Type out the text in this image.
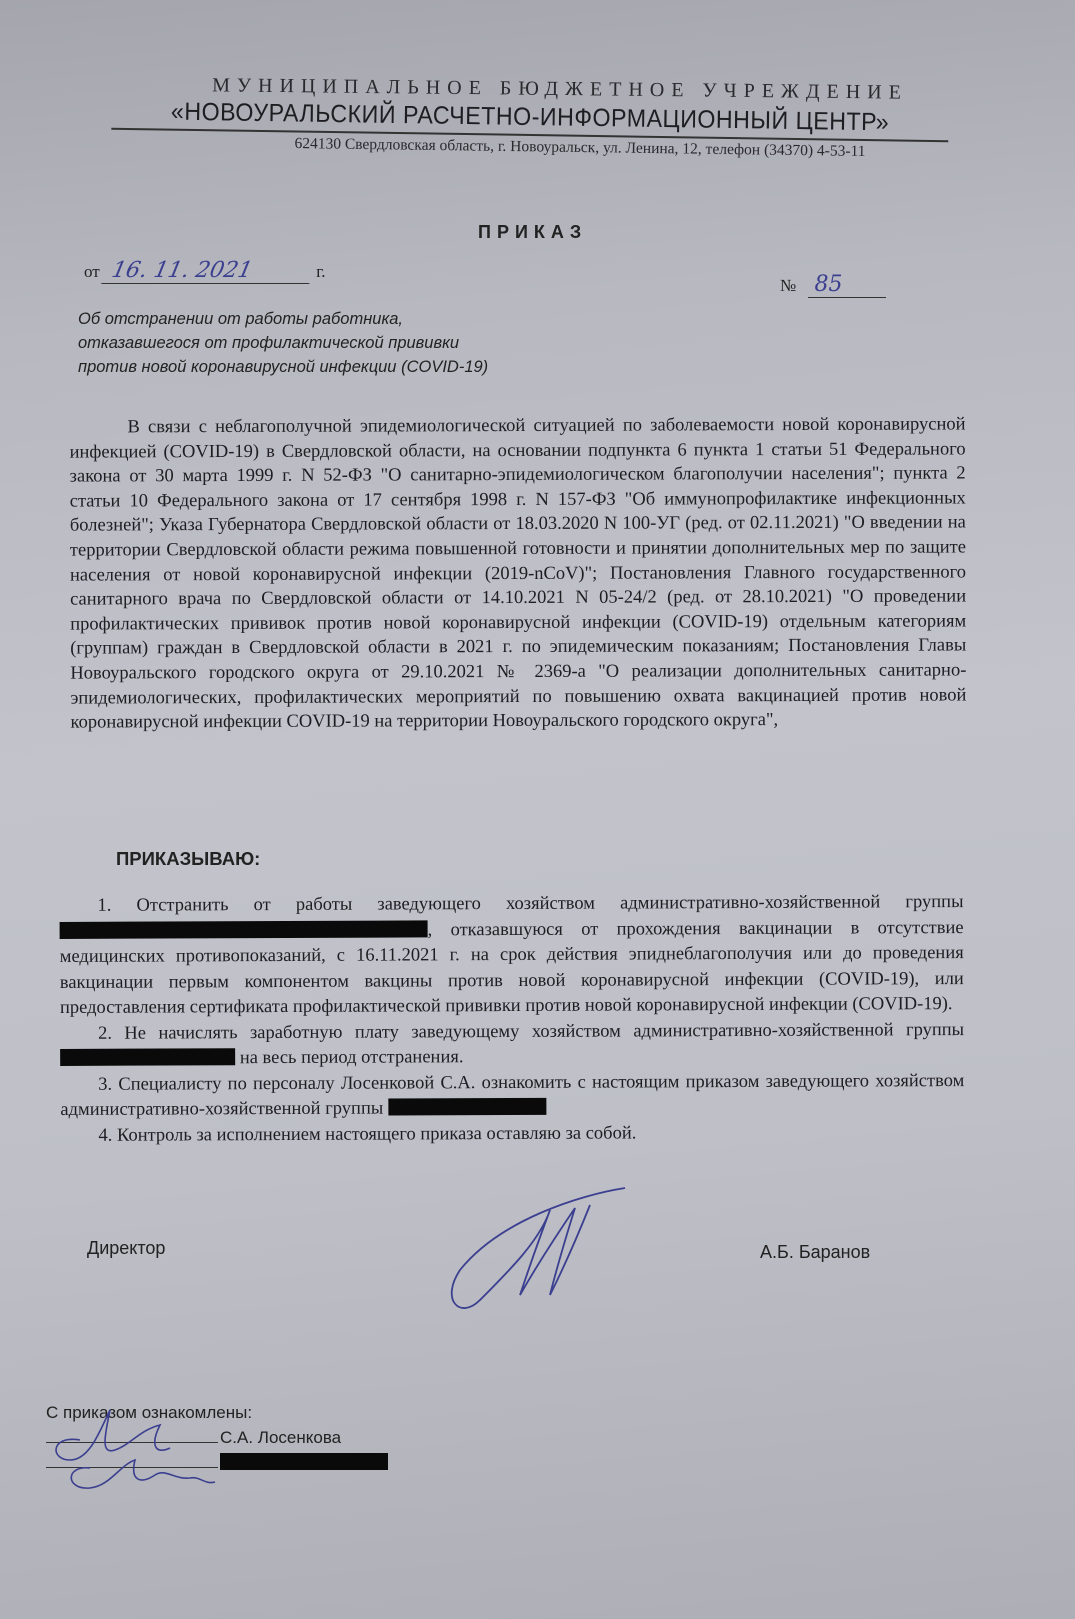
МУНИЦИПАЛЬНОЕ БЮДЖЕТНОЕ УЧРЕЖДЕНИЕ
«НОВОУРАЛЬСКИЙ РАСЧЕТНО-ИНФОРМАЦИОННЫЙ ЦЕНТР»
624130 Свердловская область, г. Новоуральск, ул. Ленина, 12, телефон (34370) 4-53-11
ПРИКАЗ
от 16. 11. 2021	г.
№ 85
Об отстранении от работы работника,
отказавшегося от профилактической прививки
против новой коронавирусной инфекции (COVID-19)
В связи с неблагополучной эпидемиологической ситуацией по заболеваемости новой коронавирусной инфекцией (COVID-19) в Свердловской области, на основании подпункта 6 пункта 1 статьи 51 Федерального закона от 30 марта 1999 г. N 52-ФЗ "О санитарно-эпидемиологическом благополучии населения"; пункта 2 статьи 10 Федерального закона от 17 сентября 1998 г. N 157-ФЗ "Об иммунопрофилактике инфекционных болезней"; Указа Губернатора Свердловской области от 18.03.2020 N 100-УГ (ред. от 02.11.2021) "О введении на территории Свердловской области режима повышенной готовности и принятии дополнительных мер по защите населения от новой коронавирусной инфекции (2019-nCoV)"; Постановления Главного государственного санитарного врача по Свердловской области от 14.10.2021 N 05-24/2 (ред. от 28.10.2021) "О проведении профилактических прививок против новой коронавирусной инфекции (COVID-19) отдельным категориям (группам) граждан в Свердловской области в 2021 г. по эпидемическим показаниям; Постановления Главы Новоуральского городского округа от 29.10.2021 № 2369-а "О реализации дополнительных санитарно-эпидемиологических, профилактических мероприятий по повышению охвата вакцинацией против новой коронавирусной инфекции COVID-19 на территории Новоуральского городского округа",
ПРИКАЗЫВАЮ:
1. Отстранить от работы заведующего хозяйством административно-хозяйственной группы , отказавшуюся от прохождения вакцинации в отсутствие медицинских противопоказаний, с 16.11.2021 г. на срок действия эпиднеблагополучия или до проведения вакцинации первым компонентом вакцины против новой коронавирусной инфекции (COVID-19), или предоставления сертификата профилактической прививки против новой коронавирусной инфекции (COVID-19).
2. Не начислять заработную плату заведующему хозяйством административно-хозяйственной группы на весь период отстранения.
3. Специалисту по персоналу Лосенковой С.А. ознакомить с настоящим приказом заведующего хозяйством административно-хозяйственной группы
4. Контроль за исполнением настоящего приказа оставляю за собой.
Директор	А.Б. Баранов
С приказом ознакомлены:
С.А. Лосенкова
